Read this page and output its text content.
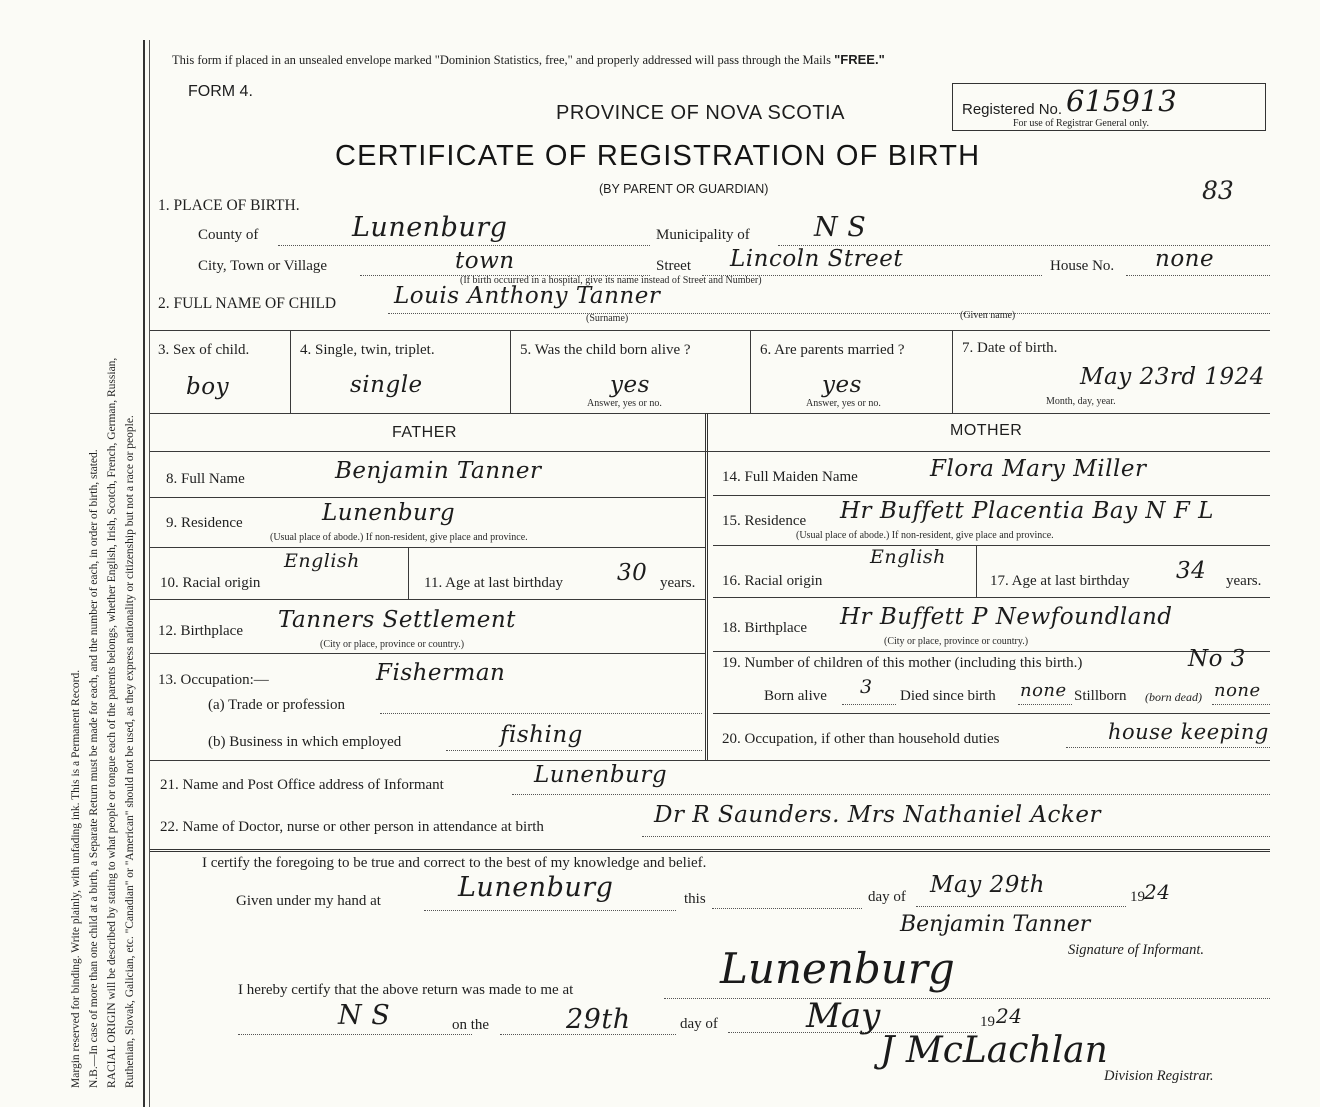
Margin reserved for binding. Write plainly, with unfading ink. This is a Permanent Record. N.B.—In case of more than one child at a birth, a Separate Return must be made for each, and the number of each, in order of birth, stated. RACIAL ORIGIN will be described by stating to what people or tongue each of the parents belongs, whether English, Irish, Scotch, French, German, Russian, Ruthenian, Slovak, Galician, etc. "Canadian" or "American" should not be used, as they express nationality or citizenship but not a race or people.
This form if placed in an unsealed envelope marked "Dominion Statistics, free," and properly addressed will pass through the Mails "FREE."
FORM 4.
PROVINCE OF NOVA SCOTIA
CERTIFICATE OF REGISTRATION OF BIRTH
(BY PARENT OR GUARDIAN)
Registered No. 615913
For use of Registrar General only.
83
1. PLACE OF BIRTH.
County of	Lunenburg	Municipality of N S
City, Town or Village	town
(If birth occurred in a hospital, give its name instead of Street and Number)
Street Lincoln Street	House No. none
2. FULL NAME OF CHILD	Louis Anthony Tanner
(Surname)	(Given name)
3. Sex of child.
boy
4. Single, twin, triplet.
single
5. Was the child born alive ?
yes
Answer, yes or no.
6. Are parents married ?
yes
Answer, yes or no.
7. Date of birth.
May 23rd 1924
Month, day, year.
FATHER	MOTHER
8. Full Name	Benjamin Tanner
9. Residence	Lunenburg
(Usual place of abode.) If non-resident, give place and province.
10. Racial origin
English
11. Age at last birthday 30 years.
12. Birthplace Tanners Settlement
(City or place, province or country.)
13. Occupation:—	Fisherman
(a) Trade or profession
(b) Business in which employed	fishing
14. Full Maiden Name	Flora Mary Miller
15. Residence Hr Buffett Placentia Bay N F L
(Usual place of abode.) If non-resident, give place and province.
16. Racial origin
English
17. Age at last birthday 34 years.
18. Birthplace Hr Buffett P Newfoundland
(City or place, province or country.)
19. Number of children of this mother (including this birth.)	No 3
Born alive 3 Died since birth none Stillborn (born dead) none
20. Occupation, if other than household duties	house keeping
21. Name and Post Office address of Informant	Lunenburg
22. Name of Doctor, nurse or other person in attendance at birth	Dr R Saunders. Mrs Nathaniel Acker
I certify the foregoing to be true and correct to the best of my knowledge and belief.
Given under my hand at	Lunenburg	this	day of May 29th	19 24
Benjamin Tanner
Signature of Informant.
I hereby certify that the above return was made to me at	Lunenburg
N S	on the	29th	day of	May	19 24
J McLachlan
Division Registrar.
